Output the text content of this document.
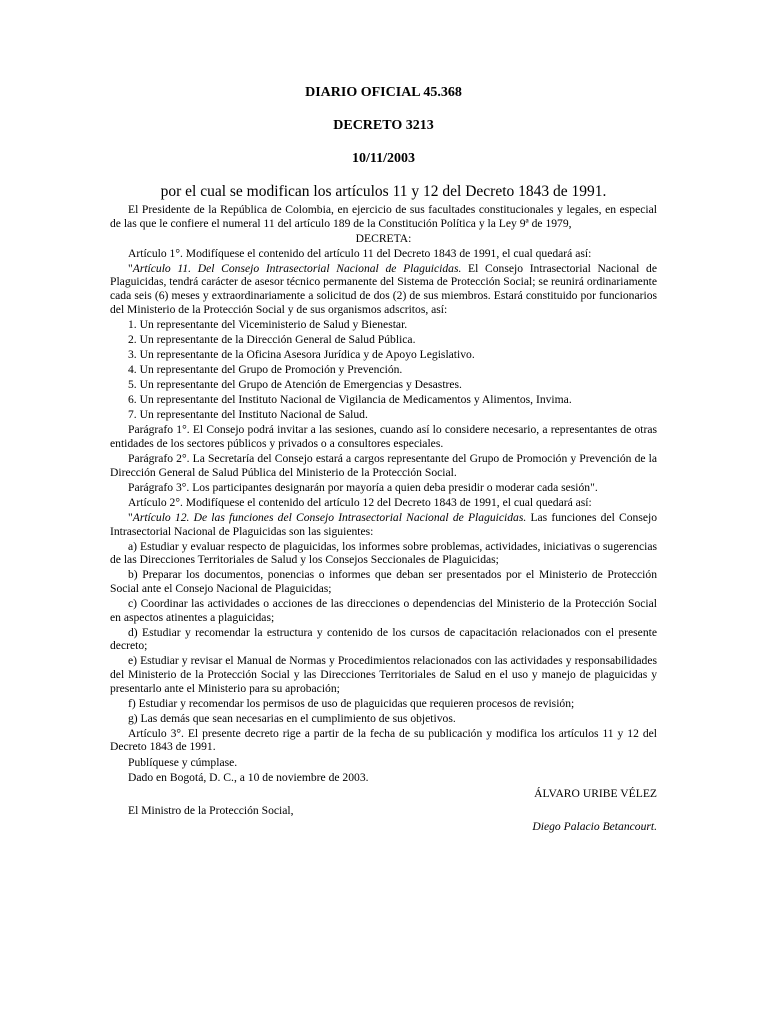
DIARIO OFICIAL 45.368

DECRETO 3213

10/11/2003

por el cual se modifican los artículos 11 y 12 del Decreto 1843 de 1991.

El Presidente de la República de Colombia, en ejercicio de sus facultades constitucionales y legales, en especial de las que le confiere el numeral 11 del artículo 189 de la Constitución Política y la Ley 9ª de 1979,

DECRETA:

Artículo 1°. Modifíquese el contenido del artículo 11 del Decreto 1843 de 1991, el cual quedará así:

"Artículo 11. Del Consejo Intrasectorial Nacional de Plaguicidas. El Consejo Intrasectorial Nacional de Plaguicidas, tendrá carácter de asesor técnico permanente del Sistema de Protección Social; se reunirá ordinariamente cada seis (6) meses y extraordinariamente a solicitud de dos (2) de sus miembros. Estará constituido por funcionarios del Ministerio de la Protección Social y de sus organismos adscritos, así:

1. Un representante del Viceministerio de Salud y Bienestar.

2. Un representante de la Dirección General de Salud Pública.

3. Un representante de la Oficina Asesora Jurídica y de Apoyo Legislativo.

4. Un representante del Grupo de Promoción y Prevención.

5. Un representante del Grupo de Atención de Emergencias y Desastres.

6. Un representante del Instituto Nacional de Vigilancia de Medicamentos y Alimentos, Invima.

7. Un representante del Instituto Nacional de Salud.

Parágrafo 1°. El Consejo podrá invitar a las sesiones, cuando así lo considere necesario, a representantes de otras entidades de los sectores públicos y privados o a consultores especiales.

Parágrafo 2°. La Secretaría del Consejo estará a cargos representante del Grupo de Promoción y Prevención de la Dirección General de Salud Pública del Ministerio de la Protección Social.

Parágrafo 3°. Los participantes designarán por mayoría a quien deba presidir o moderar cada sesión".

Artículo 2°. Modifíquese el contenido del artículo 12 del Decreto 1843 de 1991, el cual quedará así:

"Artículo 12. De las funciones del Consejo Intrasectorial Nacional de Plaguicidas. Las funciones del Consejo Intrasectorial Nacional de Plaguicidas son las siguientes:

a) Estudiar y evaluar respecto de plaguicidas, los informes sobre problemas, actividades, iniciativas o sugerencias de las Direcciones Territoriales de Salud y los Consejos Seccionales de Plaguicidas;

b) Preparar los documentos, ponencias o informes que deban ser presentados por el Ministerio de Protección Social ante el Consejo Nacional de Plaguicidas;

c) Coordinar las actividades o acciones de las direcciones o dependencias del Ministerio de la Protección Social en aspectos atinentes a plaguicidas;

d) Estudiar y recomendar la estructura y contenido de los cursos de capacitación relacionados con el presente decreto;

e) Estudiar y revisar el Manual de Normas y Procedimientos relacionados con las actividades y responsabilidades del Ministerio de la Protección Social y las Direcciones Territoriales de Salud en el uso y manejo de plaguicidas y presentarlo ante el Ministerio para su aprobación;

f) Estudiar y recomendar los permisos de uso de plaguicidas que requieren procesos de revisión;

g) Las demás que sean necesarias en el cumplimiento de sus objetivos.

Artículo 3°. El presente decreto rige a partir de la fecha de su publicación y modifica los artículos 11 y 12 del Decreto 1843 de 1991.

Publíquese y cúmplase.

Dado en Bogotá, D. C., a 10 de noviembre de 2003.

ÁLVARO URIBE VÉLEZ

El Ministro de la Protección Social,

Diego Palacio Betancourt.
